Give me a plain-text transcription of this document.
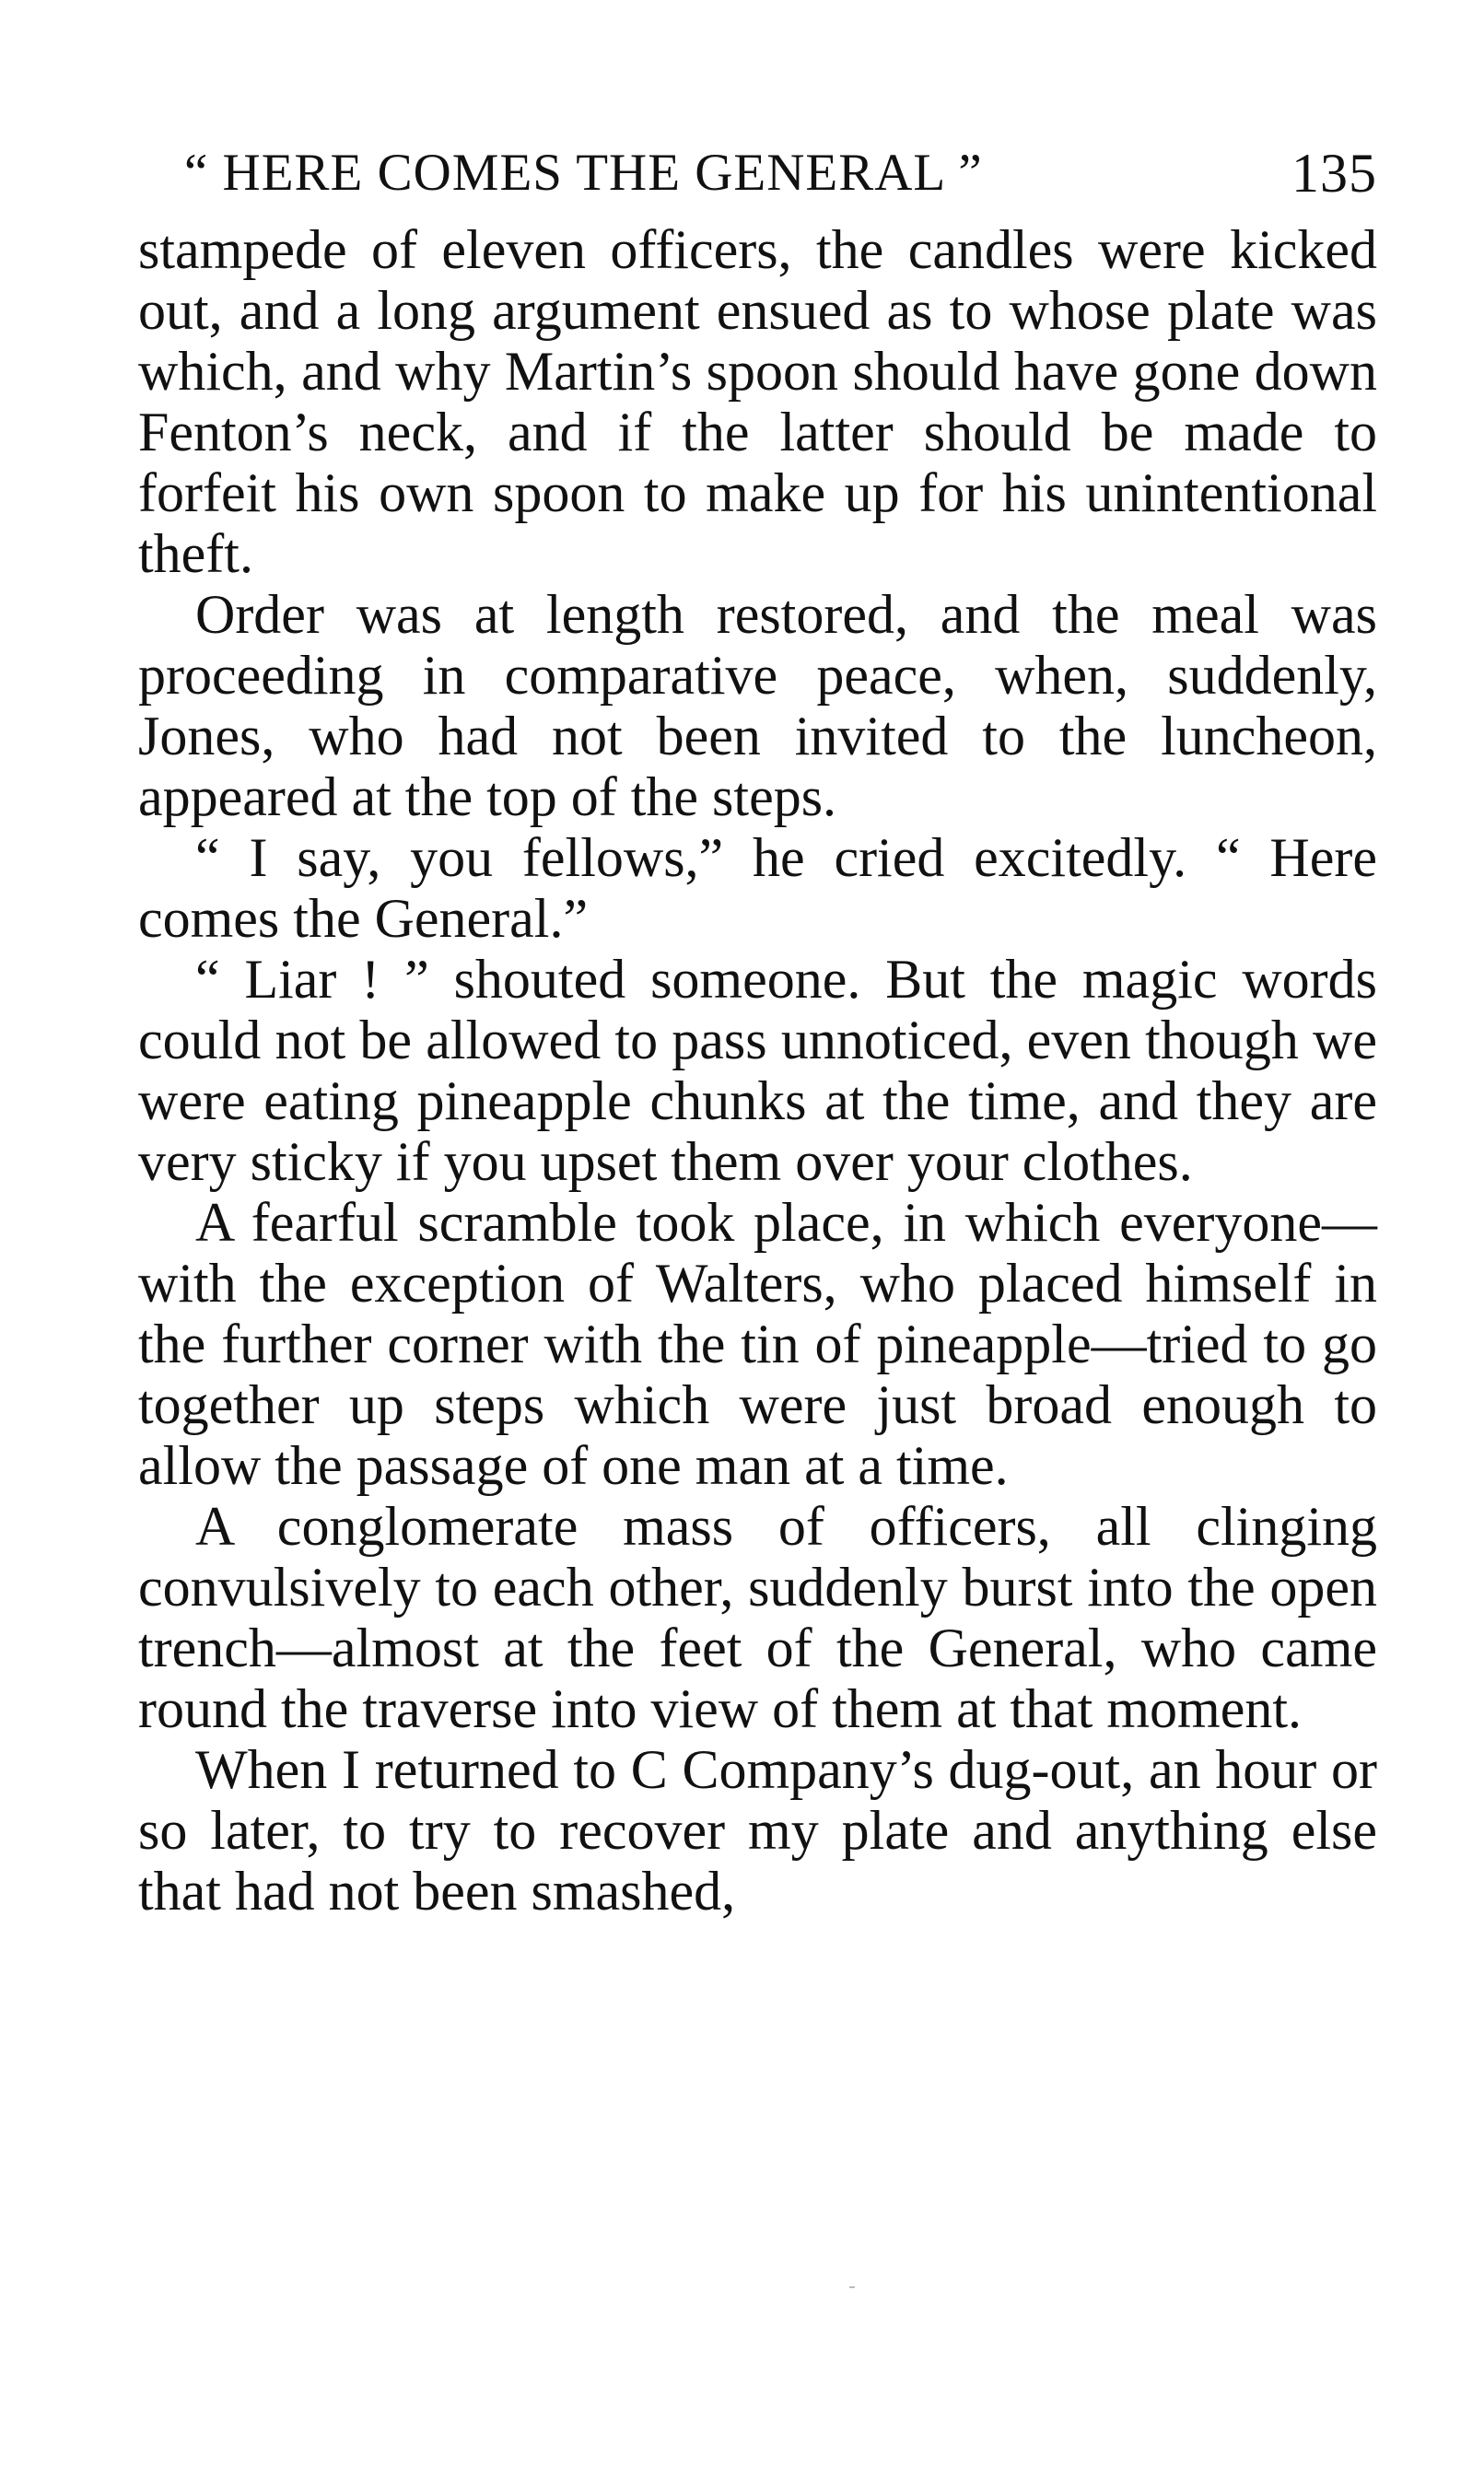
“ HERE COMES THE GENERAL ”	135

stampede of eleven officers, the candles were kicked out, and a long argument ensued as to whose plate was which, and why Martin’s spoon should have gone down Fenton’s neck, and if the latter should be made to forfeit his own spoon to make up for his unintentional theft.

Order was at length restored, and the meal was proceeding in comparative peace, when, suddenly, Jones, who had not been invited to the luncheon, appeared at the top of the steps.

“ I say, you fellows,” he cried excitedly. “ Here comes the General.”

“ Liar ! ” shouted someone. But the magic words could not be allowed to pass unnoticed, even though we were eating pineapple chunks at the time, and they are very sticky if you upset them over your clothes.

A fearful scramble took place, in which everyone—with the exception of Walters, who placed himself in the further corner with the tin of pineapple—tried to go together up steps which were just broad enough to allow the passage of one man at a time.

A conglomerate mass of officers, all clinging convulsively to each other, suddenly burst into the open trench—almost at the feet of the General, who came round the traverse into view of them at that moment.

When I returned to C Company’s dug-out, an hour or so later, to try to recover my plate and anything else that had not been smashed,
